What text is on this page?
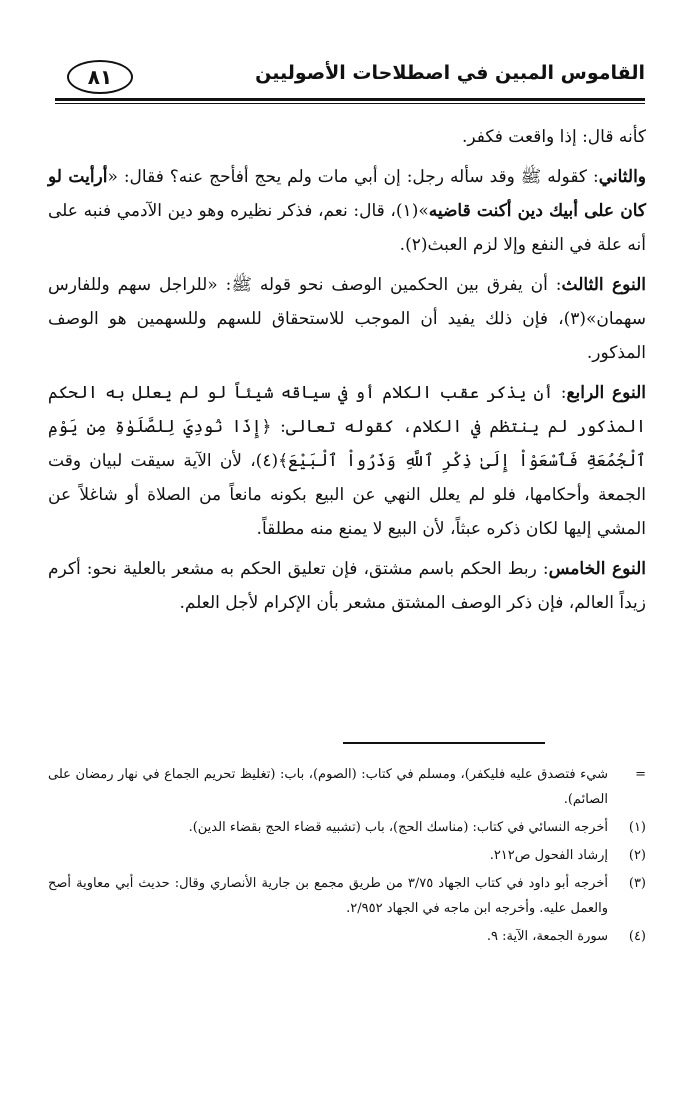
٨١	القاموس المبين في اصطلاحات الأصوليين

كأنه قال: إذا واقعت فكفر.

والثاني: كقوله ﷺ وقد سأله رجل: إن أبي مات ولم يحج أفأحج عنه؟ فقال: «أرأيت لو كان على أبيك دين أكنت قاضيه»(١)، قال: نعم، فذكر نظيره وهو دين الآدمي فنبه على أنه علة في النفع وإلا لزم العبث(٢).

النوع الثالث: أن يفرق بين الحكمين الوصف نحو قوله ﷺ: «للراجل سهم وللفارس سهمان»(٣)، فإن ذلك يفيد أن الموجب للاستحقاق للسهم وللسهمين هو الوصف المذكور.

النوع الرابع: أن يذكر عقب الكلام أو في سياقه شيئاً لو لم يعلل به الحكم المذكور لم ينتظم في الكلام، كقوله تعالى: ﴿إِذَا نُودِيَ لِلصَّلَوٰةِ مِن يَوْمِ ٱلْجُمُعَةِ فَٱسْعَوْاْ إِلَىٰ ذِكْرِ ٱللَّهِ وَذَرُواْ ٱلْبَيْعَ﴾(٤)، لأن الآية سيقت لبيان وقت الجمعة وأحكامها، فلو لم يعلل النهي عن البيع بكونه مانعاً من الصلاة أو شاغلاً عن المشي إليها لكان ذكره عبثاً، لأن البيع لا يمنع منه مطلقاً.

النوع الخامس: ربط الحكم باسم مشتق، فإن تعليق الحكم به مشعر بالعلية نحو: أكرم زيداً العالم، فإن ذكر الوصف المشتق مشعر بأن الإكرام لأجل العلم.

=
شيء فتصدق عليه فليكفر)، ومسلم في كتاب: (الصوم)، باب: (تغليظ تحريم الجماع في نهار رمضان على الصائم).
(١)
أخرجه النسائي في كتاب: (مناسك الحج)، باب (تشبيه قضاء الحج بقضاء الدين).
(٢)
إرشاد الفحول ص٢١٢.
(٣)
أخرجه أبو داود في كتاب الجهاد ٣/٧٥ من طريق مجمع بن جارية الأنصاري وقال: حديث أبي معاوية أصح والعمل عليه. وأخرجه ابن ماجه في الجهاد ٢/٩٥٢.
(٤)
سورة الجمعة، الآية: ٩.
